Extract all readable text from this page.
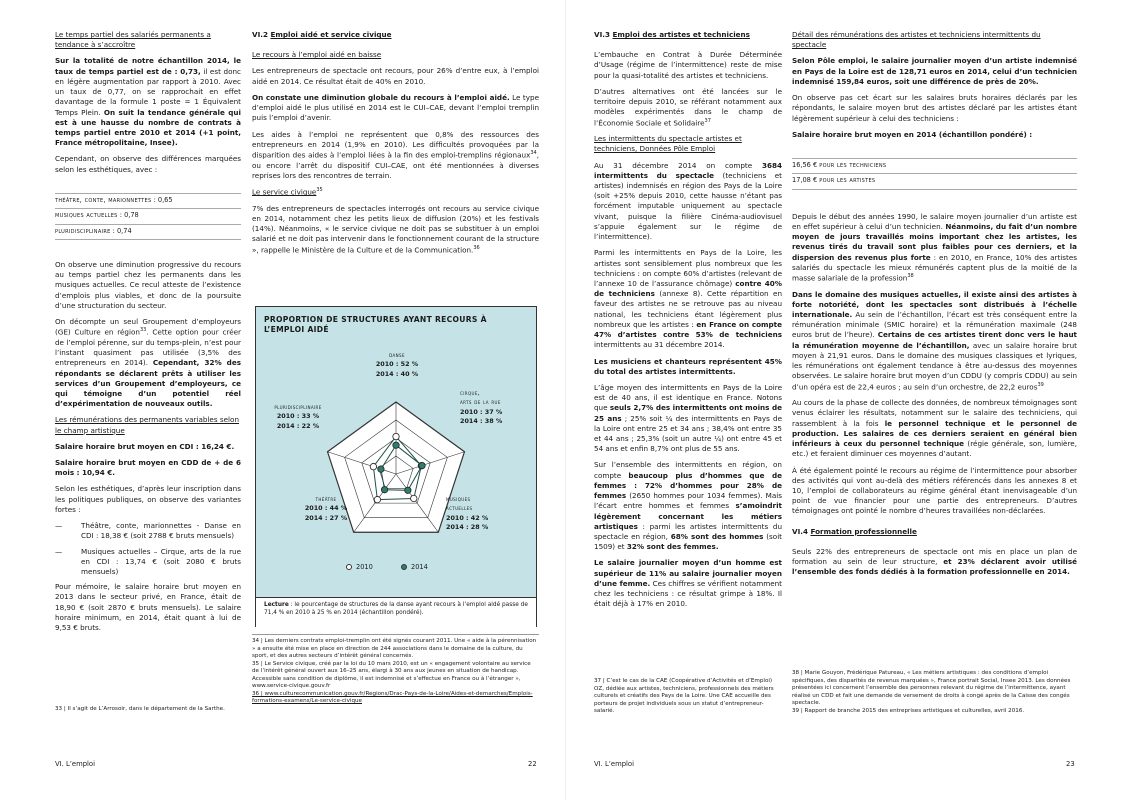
Le temps partiel des salariés permanents a tendance à s’accroître

Sur la totalité de notre échantillon 2014, le taux de temps partiel est de : 0,73, il est donc en légère augmentation par rapport à 2010. Avec un taux de 0,77, on se rapprochait en effet davantage de la formule 1 poste = 1 Équivalent Temps Plein. On suit la tendance générale qui est à une hausse du nombre de contrats à temps partiel entre 2010 et 2014 (+1 point, France métropolitaine, Insee).

Cependant, on observe des différences marquées selon les esthétiques, avec :

théâtre, conte, marionnettes : 0,65
musiques actuelles : 0,78
pluridisciplinaire : 0,74

On observe une diminution progressive du recours au temps partiel chez les permanents dans les musiques actuelles. Ce recul atteste de l’existence d’emplois plus viables, et donc de la poursuite d’une structuration du secteur.

On décompte un seul Groupement d’employeurs (GE) Culture en région$^{33}$. Cette option pour créer de l’emploi pérenne, sur du temps-plein, n’est pour l’instant quasiment pas utilisée (3,5% des entrepreneurs en 2014). Cependant, 32% des répondants se déclarent prêts à utiliser les services d’un Groupement d’employeurs, ce qui témoigne d’un potentiel réel d’expérimentation de nouveaux outils.

Les rémunérations des permanents variables selon le champ artistique

Salaire horaire brut moyen en CDI : 16,24 €.

Salaire horaire brut moyen en CDD de + de 6 mois : 10,94 €.

Selon les esthétiques, d’après leur inscription dans les politiques publiques, on observe des variantes fortes :

—	Théâtre, conte, marionnettes - Danse en CDI : 18,38 € (soit 2788 € bruts mensuels)
—	Musiques actuelles – Cirque, arts de la rue en CDI : 13,74 € (soit 2080 € bruts mensuels)

Pour mémoire, le salaire horaire brut moyen en 2013 dans le secteur privé, en France, était de 18,90 € (soit 2870 € bruts mensuels). Le salaire horaire minimum, en 2014, était quant à lui de 9,53 € bruts.

33 | Il s’agit de L’Arrosoir, dans le département de la Sarthe.

VI.2 Emploi aidé et service civique

Le recours à l’emploi aidé en baisse

Les entrepreneurs de spectacle ont recours, pour 26% d’entre eux, à l’emploi aidé en 2014. Ce résultat était de 40% en 2010.

On constate une diminution globale du recours à l’emploi aidé. Le type d’emploi aidé le plus utilisé en 2014 est le CUI–CAE, devant l’emploi tremplin puis l’emploi d’avenir.

Les aides à l’emploi ne représentent que 0,8% des ressources des entrepreneurs en 2014 (1,9% en 2010). Les difficultés provoquées par la disparition des aides à l’emploi liées à la fin des emploi-tremplins régionaux$^{34}$, ou encore l’arrêt du dispositif CUI–CAE, ont été mentionnées à diverses reprises lors des rencontres de terrain.

Le service civique$^{35}$

7% des entrepreneurs de spectacles interrogés ont recours au service civique en 2014, notamment chez les petits lieux de diffusion (20%) et les festivals (14%). Néanmoins, « le service civique ne doit pas se substituer à un emploi salarié et ne doit pas intervenir dans le fonctionnement courant de la structure », rappelle le Ministère de la Culture et de la Communication.$^{36}$

PROPORTION DE STRUCTURES AYANT RECOURS À L’EMPLOI AIDÉ
danse
2010 : 52 %
2014 : 40 %
cirque,
arts de la rue
2010 : 37 %
2014 : 38 %
musiques
actuelles
2010 : 42 %
2014 : 28 %
théâtre
2010 : 44 %
2014 : 27 %
pluridisciplinaire
2010 : 33 %
2014 : 22 %
2010	2014
Lecture : le pourcentage de structures de la danse ayant recours à l’emploi aidé passe de 71,4 % en 2010 à 25 % en 2014 (échantillon pondéré).
34 | Les derniers contrats emploi-tremplin ont été signés courant 2011. Une « aide à la pérennisation » a ensuite été mise en place en direction de 244 associations dans le domaine de la culture, du sport, et des autres secteurs d’intérêt général concernés.
35 | Le Service civique, créé par la loi du 10 mars 2010, est un « engagement volontaire au service de l’intérêt général ouvert aux 16–25 ans, élargi à 30 ans aux jeunes en situation de handicap. Accessible sans condition de diplôme, il est indemnisé et s’effectue en France ou à l’étranger », www.service-civique.gouv.fr
36 | www.culturecommunication.gouv.fr/Regions/Drac-Pays-de-la-Loire/Aides-et-demarches/Emplois-formations-examens/Le-service-civique
VI. L’emploi	22

VI.3 Emploi des artistes et techniciens

L’embauche en Contrat à Durée Déterminée d’Usage (régime de l’intermittence) reste de mise pour la quasi-totalité des artistes et techniciens.

D’autres alternatives ont été lancées sur le territoire depuis 2010, se référant notamment aux modèles expérimentés dans le champ de l’Économie Sociale et Solidaire$^{37}$

Les intermittents du spectacle artistes et techniciens, Données Pôle Emploi

Au 31 décembre 2014 on compte 3684 intermittents du spectacle (techniciens et artistes) indemnisés en région des Pays de la Loire (soit +25% depuis 2010, cette hausse n’étant pas forcément imputable uniquement au spectacle vivant, puisque la filière Cinéma-audiovisuel s’appuie également sur le régime de l’intermittence).

Parmi les intermittents en Pays de la Loire, les artistes sont sensiblement plus nombreux que les techniciens : on compte 60% d’artistes (relevant de l’annexe 10 de l’assurance chômage) contre 40% de techniciens (annexe 8). Cette répartition en faveur des artistes ne se retrouve pas au niveau national, les techniciens étant légèrement plus nombreux que les artistes : en France on compte 47% d’artistes contre 53% de techniciens intermittents au 31 décembre 2014.

Les musiciens et chanteurs représentent 45% du total des artistes intermittents.

L’âge moyen des intermittents en Pays de la Loire est de 40 ans, il est identique en France. Notons que seuls 2,7% des intermittents ont moins de 25 ans ; 25% soit ¼ des intermittents en Pays de la Loire ont entre 25 et 34 ans ; 38,4% ont entre 35 et 44 ans ; 25,3% (soit un autre ¼) ont entre 45 et 54 ans et enfin 8,7% ont plus de 55 ans.

Sur l’ensemble des intermittents en région, on compte beaucoup plus d’hommes que de femmes : 72% d’hommes pour 28% de femmes (2650 hommes pour 1034 femmes). Mais l’écart entre hommes et femmes s’amoindrit légèrement concernant les métiers artistiques : parmi les artistes intermittents du spectacle en région, 68% sont des hommes (soit 1509) et 32% sont des femmes.

Le salaire journalier moyen d’un homme est supérieur de 11% au salaire journalier moyen d’une femme. Ces chiffres se vérifient notamment chez les techniciens : ce résultat grimpe à 18%. Il était déjà à 17% en 2010.

37 | C’est le cas de la CAE (Coopérative d’Activités et d’Emploi) OZ, dédiée aux artistes, techniciens, professionnels des métiers culturels et créatifs des Pays de la Loire. Une CAE accueille des porteurs de projet individuels sous un statut d’entrepreneur-salarié.

Détail des rémunérations des artistes et techniciens intermittents du spectacle

Selon Pôle emploi, le salaire journalier moyen d’un artiste indemnisé en Pays de la Loire est de 128,71 euros en 2014, celui d’un technicien indemnisé 159,84 euros, soit une différence de près de 20%.

On observe pas cet écart sur les salaires bruts horaires déclarés par les répondants, le salaire moyen brut des artistes déclaré par les artistes étant légèrement supérieur à celui des techniciens :

Salaire horaire brut moyen en 2014 (échantillon pondéré) :

16,56 € pour les techniciens
17,08 € pour les artistes

Depuis le début des années 1990, le salaire moyen journalier d’un artiste est en effet supérieur à celui d’un technicien. Néanmoins, du fait d’un nombre moyen de jours travaillés moins important chez les artistes, les revenus tirés du travail sont plus faibles pour ces derniers, et la dispersion des revenus plus forte : en 2010, en France, 10% des artistes salariés du spectacle les mieux rémunérés captent plus de la moitié de la masse salariale de la profession$^{38}$

Dans le domaine des musiques actuelles, il existe ainsi des artistes à forte notoriété, dont les spectacles sont distribués à l’échelle internationale. Au sein de l’échantillon, l’écart est très conséquent entre la rémunération minimale (SMIC horaire) et la rémunération maximale (248 euros brut de l’heure). Certains de ces artistes tirent donc vers le haut la rémunération moyenne de l’échantillon, avec un salaire horaire brut moyen à 21,91 euros. Dans le domaine des musiques classiques et lyriques, les rémunérations ont également tendance à être au-dessus des moyennes observées. Le salaire horaire brut moyen d’un CDDU (y compris CDDU) au sein d’un opéra est de 22,4 euros ; au sein d’un orchestre, de 22,2 euros$^{39}$

Au cours de la phase de collecte des données, de nombreux témoignages sont venus éclairer les résultats, notamment sur le salaire des techniciens, qui rassemblent à la fois le personnel technique et le personnel de production. Les salaires de ces derniers seraient en général bien inférieurs à ceux du personnel technique (régie générale, son, lumière, etc.) et feraient diminuer ces moyennes d’autant.

À été également pointé le recours au régime de l’intermittence pour absorber des activités qui vont au-delà des métiers référencés dans les annexes 8 et 10, l’emploi de collaborateurs au régime général étant inenvisageable d’un point de vue financier pour une partie des entrepreneurs. D’autres témoignages ont pointé le nombre d’heures travaillées non-déclarées.

VI.4 Formation professionnelle

Seuls 22% des entrepreneurs de spectacle ont mis en place un plan de formation au sein de leur structure, et 23% déclarent avoir utilisé l’ensemble des fonds dédiés à la formation professionnelle en 2014.

38 | Marie Gouyon, Frédérique Patureau, « Les métiers artistiques : des conditions d’emploi spécifiques, des disparités de revenus marquées », France portrait Social, Insee 2013. Les données présentées ici concernent l’ensemble des personnes relevant du régime de l’intermittence, ayant réalisé un CDD et fait une demande de versement de droits à congé après de la Caisse des congés spectacle.
39 | Rapport de branche 2015 des entreprises artistiques et culturelles, avril 2016.
VI. L’emploi	23
